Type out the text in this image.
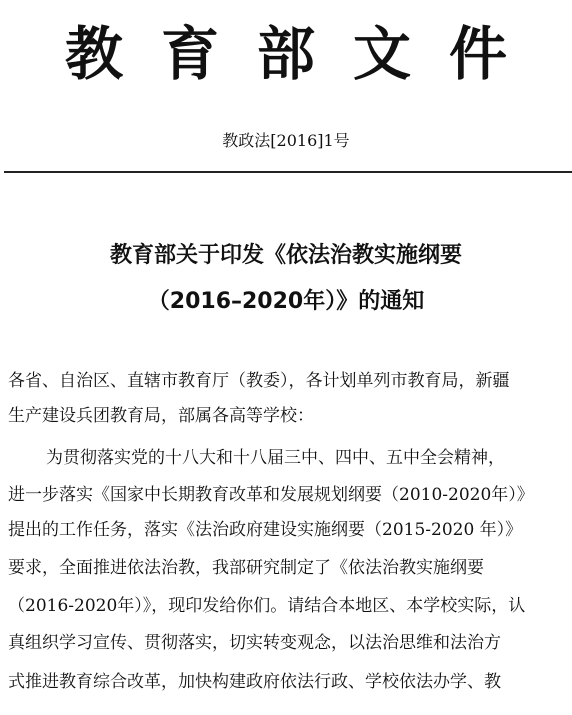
教育部文件
教政法[2016]1号
教育部关于印发《依法治教实施纲要
（2016–2020年）》的通知
各省、自治区、直辖市教育厅（教委），各计划单列市教育局，新疆
生产建设兵团教育局，部属各高等学校：
为贯彻落实党的十八大和十八届三中、四中、五中全会精神，
进一步落实《国家中长期教育改革和发展规划纲要（2010-2020年）》
提出的工作任务，落实《法治政府建设实施纲要（2015-2020 年）》
要求，全面推进依法治教，我部研究制定了《依法治教实施纲要
（2016-2020年）》，现印发给你们。请结合本地区、本学校实际，认
真组织学习宣传、贯彻落实，切实转变观念，以法治思维和法治方
式推进教育综合改革，加快构建政府依法行政、学校依法办学、教
